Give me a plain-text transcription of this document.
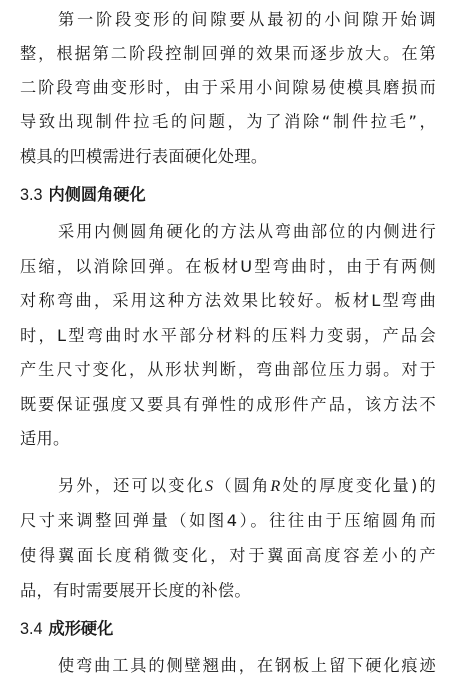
第一阶段变形的间隙要从最初的小间隙开始调
整，根据第二阶段控制回弹的效果而逐步放大。在第
二阶段弯曲变形时，由于采用小间隙易使模具磨损而
导致出现制件拉毛的问题，为了消除“制件拉毛”，
模具的凹模需进行表面硬化处理。
3.3 内侧圆角硬化
采用内侧圆角硬化的方法从弯曲部位的内侧进行
压缩，以消除回弹。在板材U型弯曲时，由于有两侧
对称弯曲，采用这种方法效果比较好。板材L型弯曲
时，L型弯曲时水平部分材料的压料力变弱，产品会
产生尺寸变化，从形状判断，弯曲部位压力弱。对于
既要保证强度又要具有弹性的成形件产品，该方法不
适用。
另外，还可以变化S（圆角R处的厚度变化量)的
尺寸来调整回弹量（如图4）。往往由于压缩圆角而
使得翼面长度稍微变化，对于翼面高度容差小的产
品，有时需要展开长度的补偿。
3.4 成形硬化
使弯曲工具的侧壁翘曲，在钢板上留下硬化痕迹
